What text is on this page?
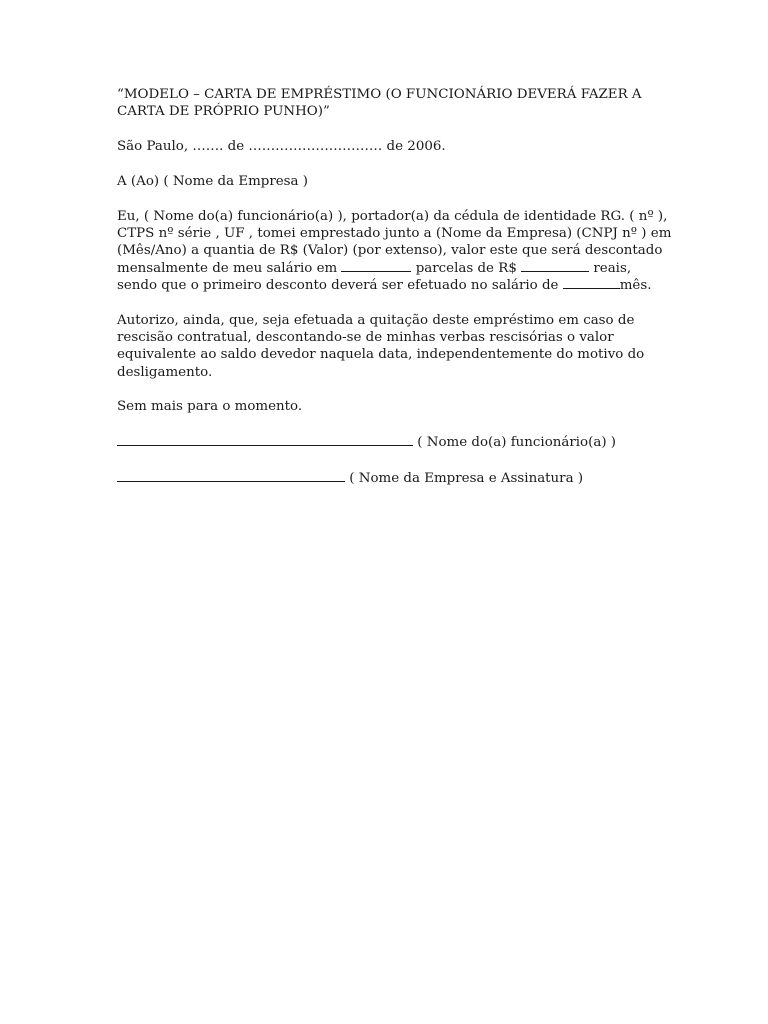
“MODELO – CARTA DE EMPRÉSTIMO (O FUNCIONÁRIO DEVERÁ FAZER A

CARTA DE PRÓPRIO PUNHO)”

São Paulo, ……. de ………………………… de 2006.

A (Ao) ( Nome da Empresa )

Eu, ( Nome do(a) funcionário(a) ), portador(a) da cédula de identidade RG. ( nº ),

CTPS nº série , UF , tomei emprestado junto a (Nome da Empresa) (CNPJ nº ) em

(Mês/Ano) a quantia de R$ (Valor) (por extenso), valor este que será descontado

mensalmente de meu salário em	parcelas de R$	reais,

sendo que o primeiro desconto deverá ser efetuado no salário de	mês.

Autorizo, ainda, que, seja efetuada a quitação deste empréstimo em caso de

rescisão contratual, descontando-se de minhas verbas rescisórias o valor

equivalente ao saldo devedor naquela data, independentemente do motivo do

desligamento.

Sem mais para o momento.

( Nome do(a) funcionário(a) )

( Nome da Empresa e Assinatura )
